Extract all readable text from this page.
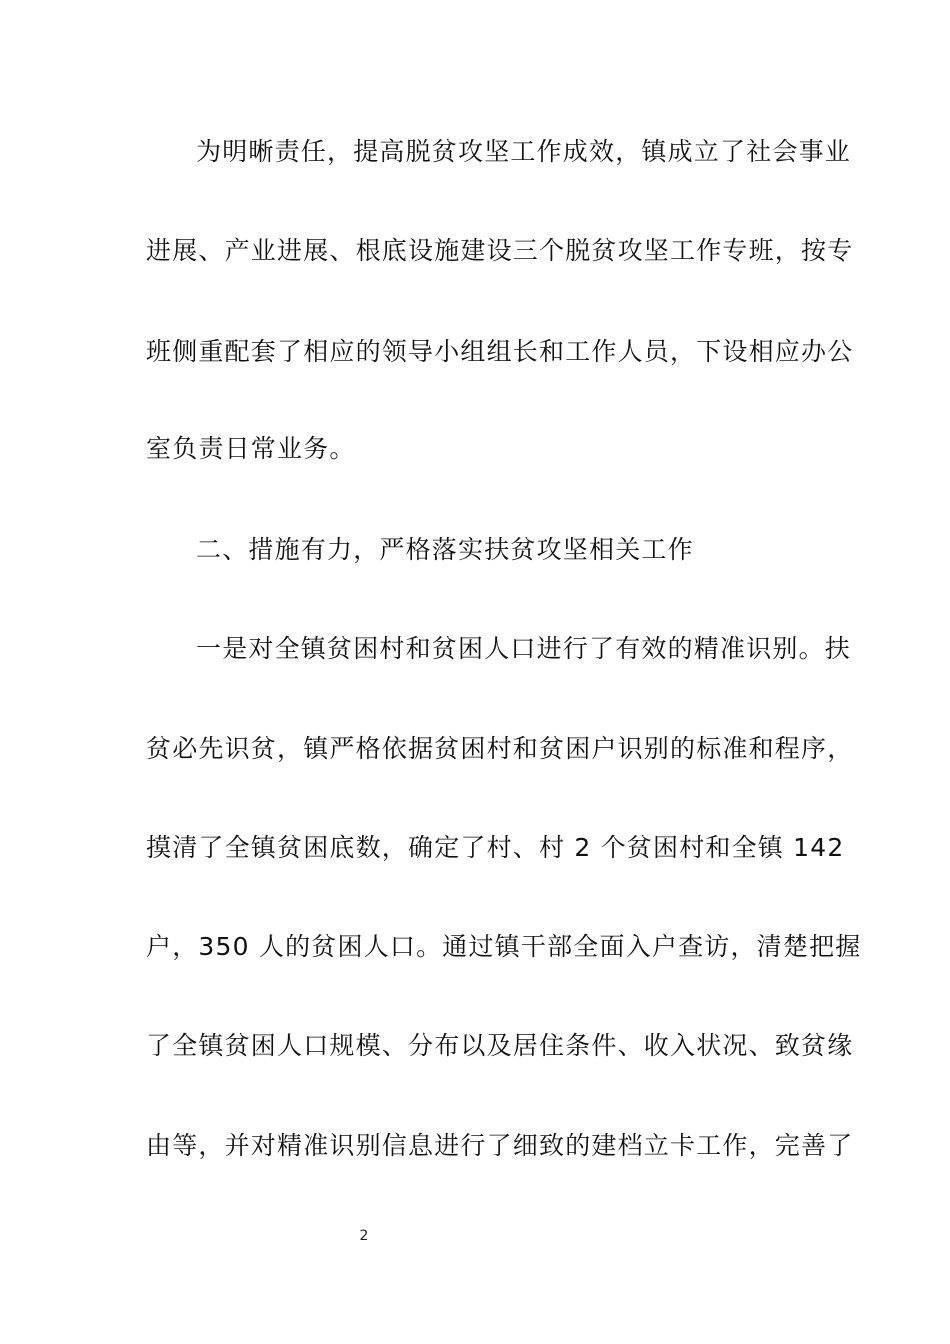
为明晰责任，提高脱贫攻坚工作成效，镇成立了社会事业
进展、产业进展、根底设施建设三个脱贫攻坚工作专班，按专
班侧重配套了相应的领导小组组长和工作人员，下设相应办公
室负责日常业务。
二、措施有力，严格落实扶贫攻坚相关工作
一是对全镇贫困村和贫困人口进行了有效的精准识别。扶
贫必先识贫，镇严格依据贫困村和贫困户识别的标准和程序，
摸清了全镇贫困底数，确定了村、村 2 个贫困村和全镇 142
户，350 人的贫困人口。通过镇干部全面入户查访，清楚把握
了全镇贫困人口规模、分布以及居住条件、收入状况、致贫缘
由等，并对精准识别信息进行了细致的建档立卡工作，完善了
2
